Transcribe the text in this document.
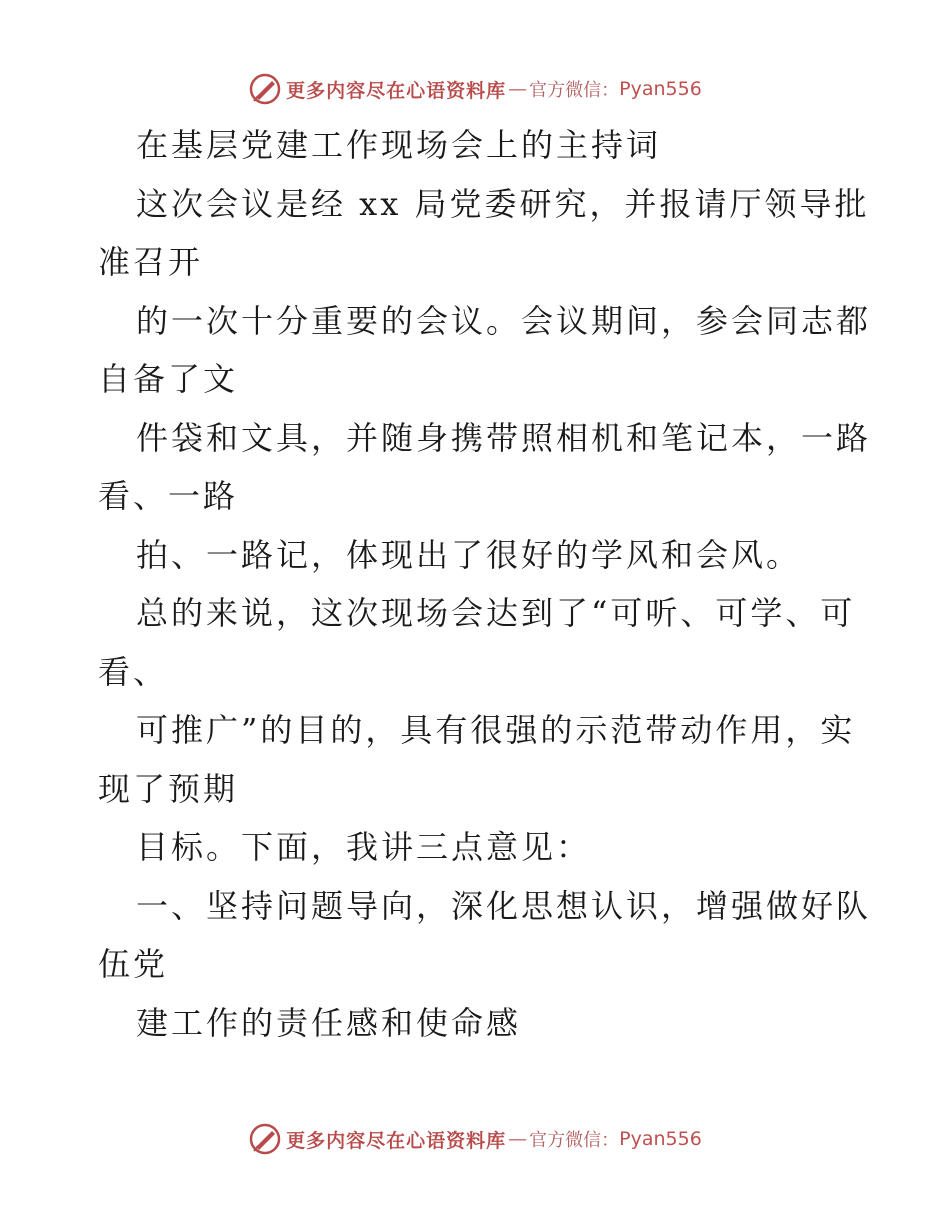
更多内容尽在心语资料库 — 官方微信： Pyan556

在基层党建工作现场会上的主持词

这次会议是经 xx 局党委研究，并报请厅领导批

准召开

的一次十分重要的会议。会议期间，参会同志都

自备了文

件袋和文具，并随身携带照相机和笔记本，一路

看、一路

拍、一路记，体现出了很好的学风和会风。

总的来说，这次现场会达到了“可听、可学、可

看、

可推广”的目的，具有很强的示范带动作用，实

现了预期

目标。下面，我讲三点意见：

一、坚持问题导向，深化思想认识，增强做好队

伍党

建工作的责任感和使命感

更多内容尽在心语资料库 — 官方微信： Pyan556
